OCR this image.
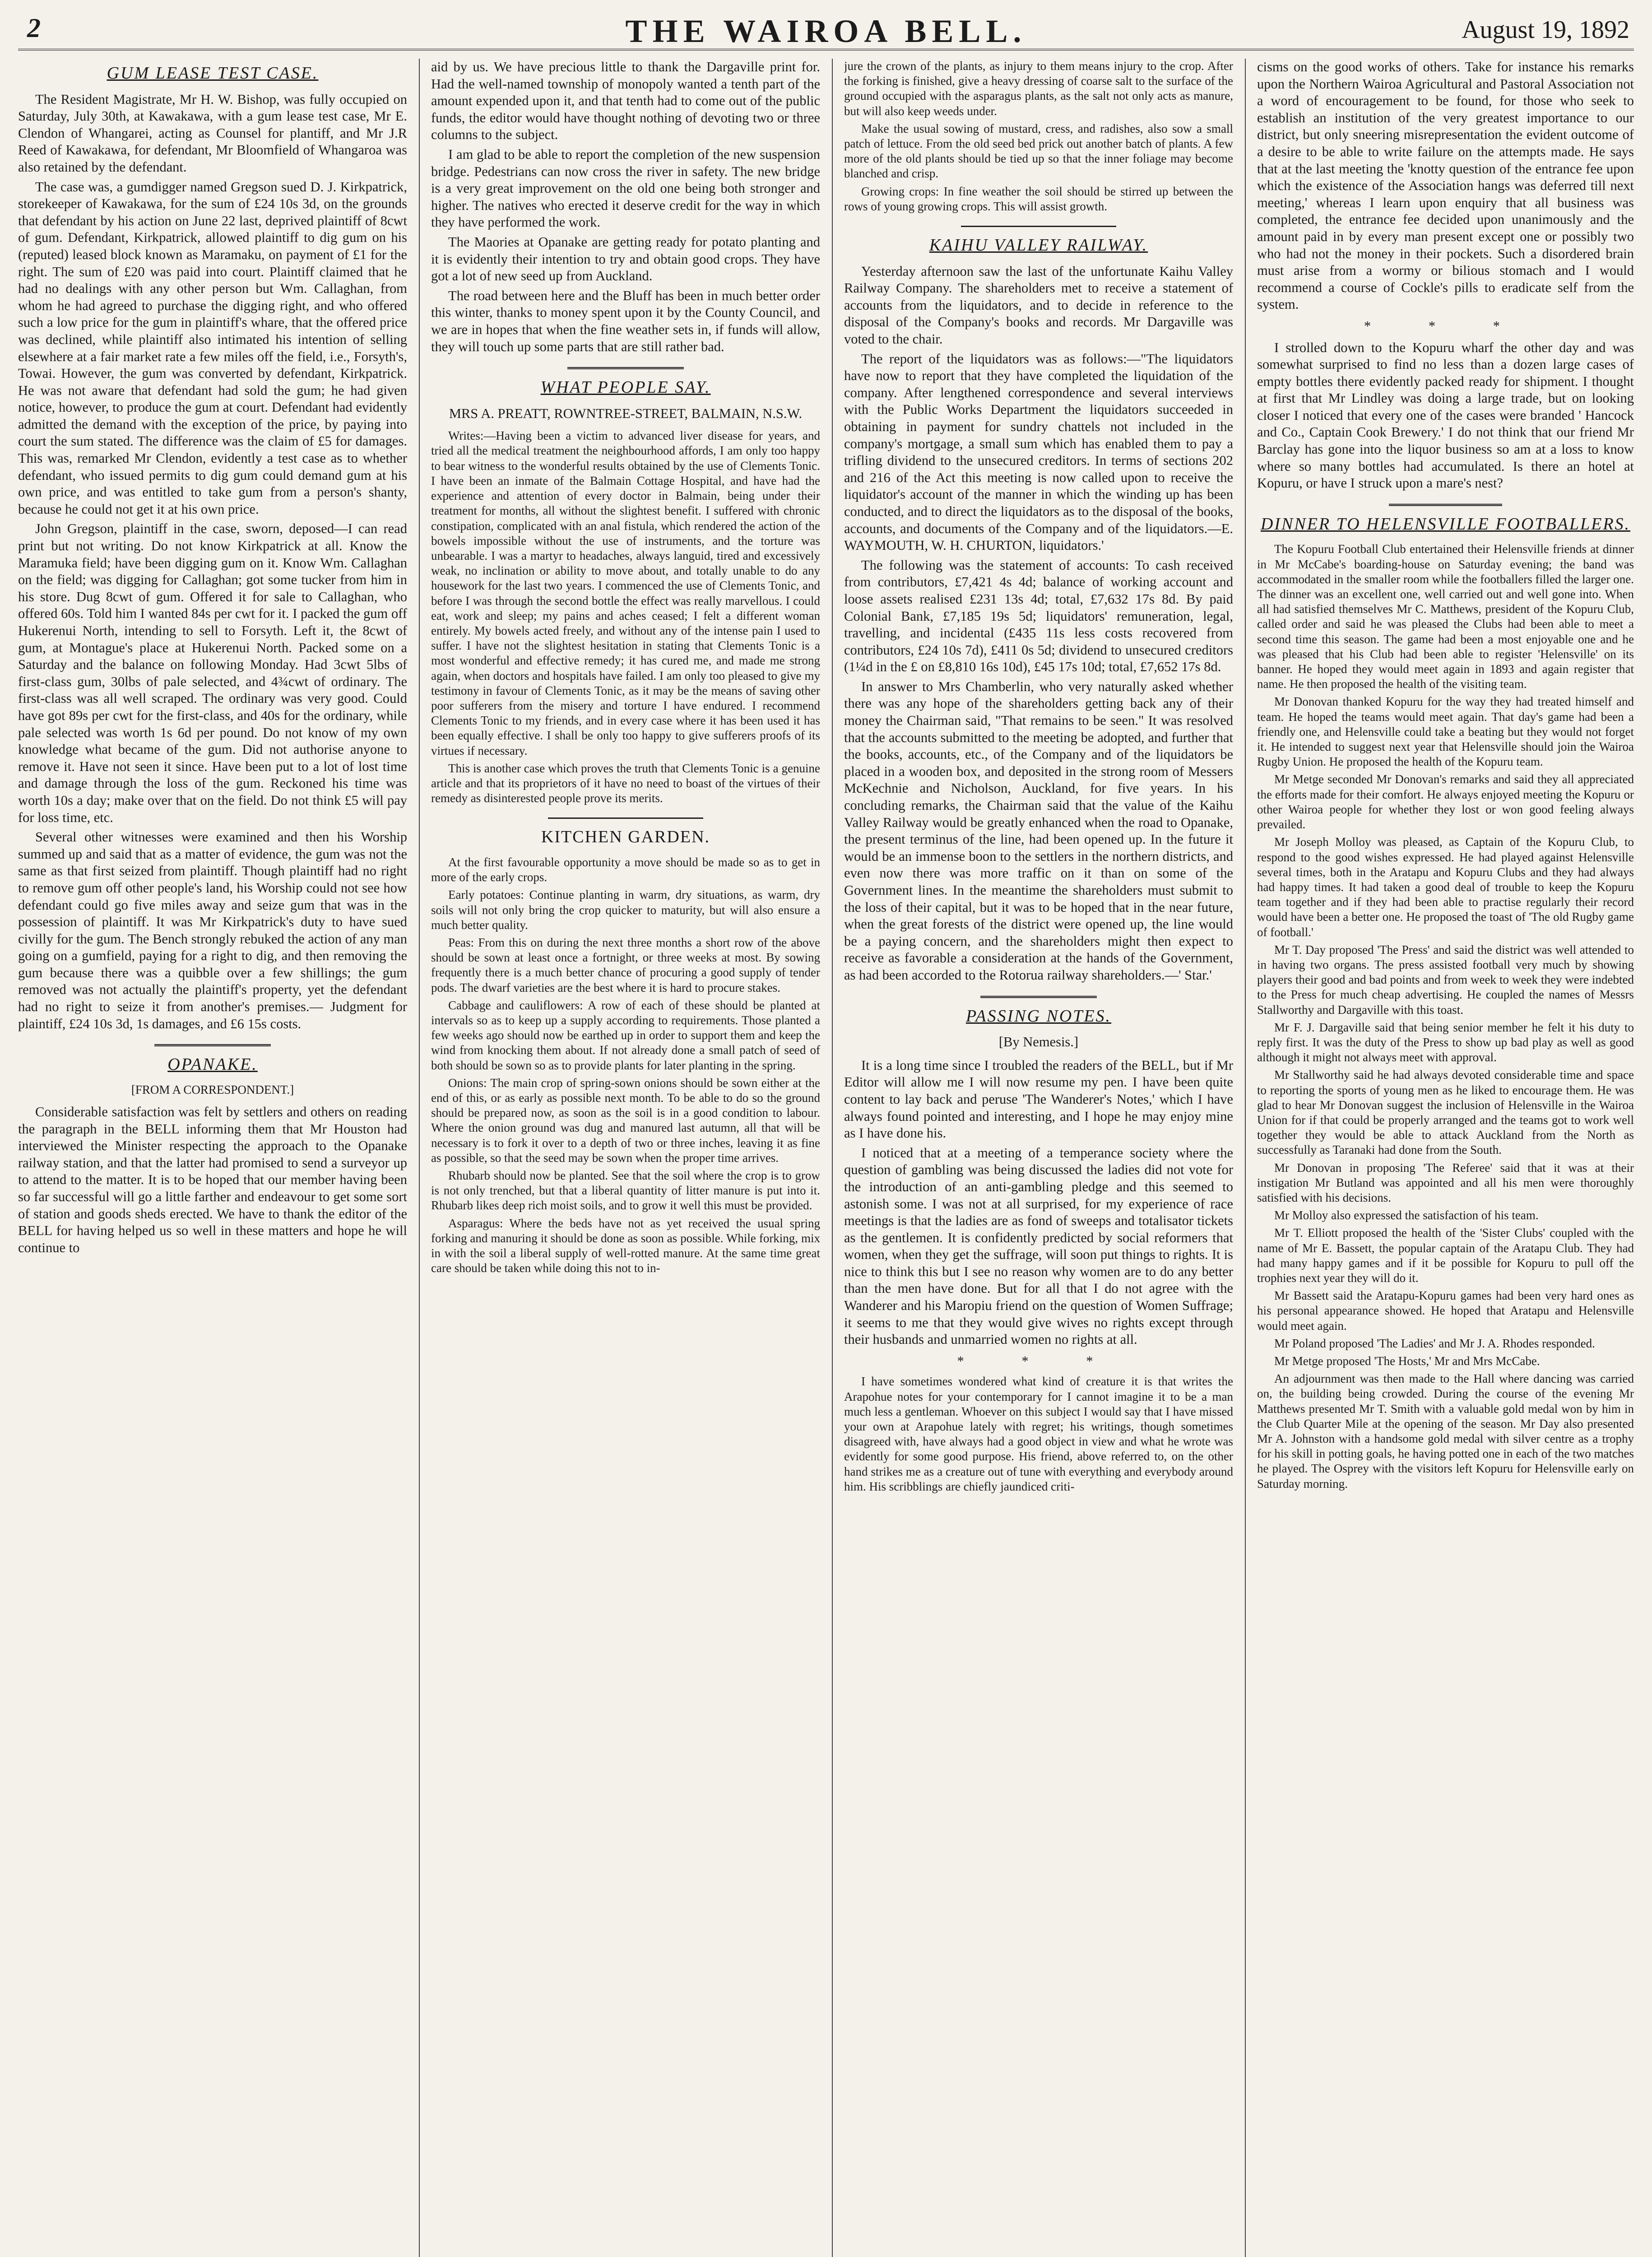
2	THE WAIROA BELL.	August 19, 1892
GUM LEASE TEST CASE.

The Resident Magistrate, Mr H. W. Bishop, was fully occupied on Saturday, July 30th, at Kawakawa, with a gum lease test case, Mr E. Clendon of Whangarei, acting as Counsel for plantiff, and Mr J.R Reed of Kawakawa, for defendant, Mr Bloomfield of Whangaroa was also retained by the defendant.

The case was, a gumdigger named Gregson sued D. J. Kirkpatrick, storekeeper of Kawakawa, for the sum of £24 10s 3d, on the grounds that defendant by his action on June 22 last, deprived plaintiff of 8cwt of gum. Defendant, Kirkpatrick, allowed plaintiff to dig gum on his (reputed) leased block known as Maramaku, on payment of £1 for the right. The sum of £20 was paid into court. Plaintiff claimed that he had no dealings with any other person but Wm. Callaghan, from whom he had agreed to purchase the digging right, and who offered such a low price for the gum in plaintiff's whare, that the offered price was declined, while plaintiff also intimated his intention of selling elsewhere at a fair market rate a few miles off the field, i.e., Forsyth's, Towai. However, the gum was converted by defendant, Kirkpatrick. He was not aware that defendant had sold the gum; he had given notice, however, to produce the gum at court. Defendant had evidently admitted the demand with the exception of the price, by paying into court the sum stated. The difference was the claim of £5 for damages. This was, remarked Mr Clendon, evidently a test case as to whether defendant, who issued permits to dig gum could demand gum at his own price, and was entitled to take gum from a person's shanty, because he could not get it at his own price.

John Gregson, plaintiff in the case, sworn, deposed—I can read print but not writing. Do not know Kirkpatrick at all. Know the Maramuka field; have been digging gum on it. Know Wm. Callaghan on the field; was digging for Callaghan; got some tucker from him in his store. Dug 8cwt of gum. Offered it for sale to Callaghan, who offered 60s. Told him I wanted 84s per cwt for it. I packed the gum off Hukerenui North, intending to sell to Forsyth. Left it, the 8cwt of gum, at Montague's place at Hukerenui North. Packed some on a Saturday and the balance on following Monday. Had 3cwt 5lbs of first-class gum, 30lbs of pale selected, and 4¾cwt of ordinary. The first-class was all well scraped. The ordinary was very good. Could have got 89s per cwt for the first-class, and 40s for the ordinary, while pale selected was worth 1s 6d per pound. Do not know of my own knowledge what became of the gum. Did not authorise anyone to remove it. Have not seen it since. Have been put to a lot of lost time and damage through the loss of the gum. Reckoned his time was worth 10s a day; make over that on the field. Do not think £5 will pay for loss time, etc.

Several other witnesses were examined and then his Worship summed up and said that as a matter of evidence, the gum was not the same as that first seized from plaintiff. Though plaintiff had no right to remove gum off other people's land, his Worship could not see how defendant could go five miles away and seize gum that was in the possession of plaintiff. It was Mr Kirkpatrick's duty to have sued civilly for the gum. The Bench strongly rebuked the action of any man going on a gumfield, paying for a right to dig, and then removing the gum because there was a quibble over a few shillings; the gum removed was not actually the plaintiff's property, yet the defendant had no right to seize it from another's premises.— Judgment for plaintiff, £24 10s 3d, 1s damages, and £6 15s costs.

OPANAKE.

[FROM A CORRESPONDENT.]

Considerable satisfaction was felt by settlers and others on reading the paragraph in the BELL informing them that Mr Houston had interviewed the Minister respecting the approach to the Opanake railway station, and that the latter had promised to send a surveyor up to attend to the matter. It is to be hoped that our member having been so far successful will go a little farther and endeavour to get some sort of station and goods sheds erected. We have to thank the editor of the BELL for having helped us so well in these matters and hope he will continue to

aid by us. We have precious little to thank the Dargaville print for. Had the well-named township of monopoly wanted a tenth part of the amount expended upon it, and that tenth had to come out of the public funds, the editor would have thought nothing of devoting two or three columns to the subject.

I am glad to be able to report the completion of the new suspension bridge. Pedestrians can now cross the river in safety. The new bridge is a very great improvement on the old one being both stronger and higher. The natives who erected it deserve credit for the way in which they have performed the work.

The Maories at Opanake are getting ready for potato planting and it is evidently their intention to try and obtain good crops. They have got a lot of new seed up from Auckland.

The road between here and the Bluff has been in much better order this winter, thanks to money spent upon it by the County Council, and we are in hopes that when the fine weather sets in, if funds will allow, they will touch up some parts that are still rather bad.

WHAT PEOPLE SAY.

MRS A. PREATT, ROWNTREE-STREET, BALMAIN, N.S.W.

Writes:—Having been a victim to advanced liver disease for years, and tried all the medical treatment the neighbourhood affords, I am only too happy to bear witness to the wonderful results obtained by the use of Clements Tonic. I have been an inmate of the Balmain Cottage Hospital, and have had the experience and attention of every doctor in Balmain, being under their treatment for months, all without the slightest benefit. I suffered with chronic constipation, complicated with an anal fistula, which rendered the action of the bowels impossible without the use of instruments, and the torture was unbearable. I was a martyr to headaches, always languid, tired and excessively weak, no inclination or ability to move about, and totally unable to do any housework for the last two years. I commenced the use of Clements Tonic, and before I was through the second bottle the effect was really marvellous. I could eat, work and sleep; my pains and aches ceased; I felt a different woman entirely. My bowels acted freely, and without any of the intense pain I used to suffer. I have not the slightest hesitation in stating that Clements Tonic is a most wonderful and effective remedy; it has cured me, and made me strong again, when doctors and hospitals have failed. I am only too pleased to give my testimony in favour of Clements Tonic, as it may be the means of saving other poor sufferers from the misery and torture I have endured. I recommend Clements Tonic to my friends, and in every case where it has been used it has been equally effective. I shall be only too happy to give sufferers proofs of its virtues if necessary.

This is another case which proves the truth that Clements Tonic is a genuine article and that its proprietors of it have no need to boast of the virtues of their remedy as disinterested people prove its merits.

KITCHEN GARDEN.

At the first favourable opportunity a move should be made so as to get in more of the early crops.

Early potatoes: Continue planting in warm, dry situations, as warm, dry soils will not only bring the crop quicker to maturity, but will also ensure a much better quality.

Peas: From this on during the next three months a short row of the above should be sown at least once a fortnight, or three weeks at most. By sowing frequently there is a much better chance of procuring a good supply of tender pods. The dwarf varieties are the best where it is hard to procure stakes.

Cabbage and cauliflowers: A row of each of these should be planted at intervals so as to keep up a supply according to requirements. Those planted a few weeks ago should now be earthed up in order to support them and keep the wind from knocking them about. If not already done a small patch of seed of both should be sown so as to provide plants for later planting in the spring.

Onions: The main crop of spring-sown onions should be sown either at the end of this, or as early as possible next month. To be able to do so the ground should be prepared now, as soon as the soil is in a good condition to labour. Where the onion ground was dug and manured last autumn, all that will be necessary is to fork it over to a depth of two or three inches, leaving it as fine as possible, so that the seed may be sown when the proper time arrives.

Rhubarb should now be planted. See that the soil where the crop is to grow is not only trenched, but that a liberal quantity of litter manure is put into it. Rhubarb likes deep rich moist soils, and to grow it well this must be provided.

Asparagus: Where the beds have not as yet received the usual spring forking and manuring it should be done as soon as possible. While forking, mix in with the soil a liberal supply of well-rotted manure. At the same time great care should be taken while doing this not to in-

jure the crown of the plants, as injury to them means injury to the crop. After the forking is finished, give a heavy dressing of coarse salt to the surface of the ground occupied with the asparagus plants, as the salt not only acts as manure, but will also keep weeds under.

Make the usual sowing of mustard, cress, and radishes, also sow a small patch of lettuce. From the old seed bed prick out another batch of plants. A few more of the old plants should be tied up so that the inner foliage may become blanched and crisp.

Growing crops: In fine weather the soil should be stirred up between the rows of young growing crops. This will assist growth.

KAIHU VALLEY RAILWAY.

Yesterday afternoon saw the last of the unfortunate Kaihu Valley Railway Company. The shareholders met to receive a statement of accounts from the liquidators, and to decide in reference to the disposal of the Company's books and records. Mr Dargaville was voted to the chair.

The report of the liquidators was as follows:—"The liquidators have now to report that they have completed the liquidation of the company. After lengthened correspondence and several interviews with the Public Works Department the liquidators succeeded in obtaining in payment for sundry chattels not included in the company's mortgage, a small sum which has enabled them to pay a trifling dividend to the unsecured creditors. In terms of sections 202 and 216 of the Act this meeting is now called upon to receive the liquidator's account of the manner in which the winding up has been conducted, and to direct the liquidators as to the disposal of the books, accounts, and documents of the Company and of the liquidators.—E. WAYMOUTH, W. H. CHURTON, liquidators.'

The following was the statement of accounts: To cash received from contributors, £7,421 4s 4d; balance of working account and loose assets realised £231 13s 4d; total, £7,632 17s 8d. By paid Colonial Bank, £7,185 19s 5d; liquidators' remuneration, legal, travelling, and incidental (£435 11s less costs recovered from contributors, £24 10s 7d), £411 0s 5d; dividend to unsecured creditors (1¼d in the £ on £8,810 16s 10d), £45 17s 10d; total, £7,652 17s 8d.

In answer to Mrs Chamberlin, who very naturally asked whether there was any hope of the shareholders getting back any of their money the Chairman said, "That remains to be seen." It was resolved that the accounts submitted to the meeting be adopted, and further that the books, accounts, etc., of the Company and of the liquidators be placed in a wooden box, and deposited in the strong room of Messers McKechnie and Nicholson, Auckland, for five years. In his concluding remarks, the Chairman said that the value of the Kaihu Valley Railway would be greatly enhanced when the road to Opanake, the present terminus of the line, had been opened up. In the future it would be an immense boon to the settlers in the northern districts, and even now there was more traffic on it than on some of the Government lines. In the meantime the shareholders must submit to the loss of their capital, but it was to be hoped that in the near future, when the great forests of the district were opened up, the line would be a paying concern, and the shareholders might then expect to receive as favorable a consideration at the hands of the Government, as had been accorded to the Rotorua railway shareholders.—' Star.'

PASSING NOTES.

[By Nemesis.]

It is a long time since I troubled the readers of the BELL, but if Mr Editor will allow me I will now resume my pen. I have been quite content to lay back and peruse 'The Wanderer's Notes,' which I have always found pointed and interesting, and I hope he may enjoy mine as I have done his.

I noticed that at a meeting of a temperance society where the question of gambling was being discussed the ladies did not vote for the introduction of an anti-gambling pledge and this seemed to astonish some. I was not at all surprised, for my experience of race meetings is that the ladies are as fond of sweeps and totalisator tickets as the gentlemen. It is confidently predicted by social reformers that women, when they get the suffrage, will soon put things to rights. It is nice to think this but I see no reason why women are to do any better than the men have done. But for all that I do not agree with the Wanderer and his Maropiu friend on the question of Women Suffrage; it seems to me that they would give wives no rights except through their husbands and unmarried women no rights at all.

* * *

I have sometimes wondered what kind of creature it is that writes the Arapohue notes for your contemporary for I cannot imagine it to be a man much less a gentleman. Whoever on this subject I would say that I have missed your own at Arapohue lately with regret; his writings, though sometimes disagreed with, have always had a good object in view and what he wrote was evidently for some good purpose. His friend, above referred to, on the other hand strikes me as a creature out of tune with everything and everybody around him. His scribblings are chiefly jaundiced criti-

cisms on the good works of others. Take for instance his remarks upon the Northern Wairoa Agricultural and Pastoral Association not a word of encouragement to be found, for those who seek to establish an institution of the very greatest importance to our district, but only sneering misrepresentation the evident outcome of a desire to be able to write failure on the attempts made. He says that at the last meeting the 'knotty question of the entrance fee upon which the existence of the Association hangs was deferred till next meeting,' whereas I learn upon enquiry that all business was completed, the entrance fee decided upon unanimously and the amount paid in by every man present except one or possibly two who had not the money in their pockets. Such a disordered brain must arise from a wormy or bilious stomach and I would recommend a course of Cockle's pills to eradicate self from the system.

* * *

I strolled down to the Kopuru wharf the other day and was somewhat surprised to find no less than a dozen large cases of empty bottles there evidently packed ready for shipment. I thought at first that Mr Lindley was doing a large trade, but on looking closer I noticed that every one of the cases were branded ' Hancock and Co., Captain Cook Brewery.' I do not think that our friend Mr Barclay has gone into the liquor business so am at a loss to know where so many bottles had accumulated. Is there an hotel at Kopuru, or have I struck upon a mare's nest?

DINNER TO HELENSVILLE FOOTBALLERS.

The Kopuru Football Club entertained their Helensville friends at dinner in Mr McCabe's boarding-house on Saturday evening; the band was accommodated in the smaller room while the footballers filled the larger one. The dinner was an excellent one, well carried out and well gone into. When all had satisfied themselves Mr C. Matthews, president of the Kopuru Club, called order and said he was pleased the Clubs had been able to meet a second time this season. The game had been a most enjoyable one and he was pleased that his Club had been able to register 'Helensville' on its banner. He hoped they would meet again in 1893 and again register that name. He then proposed the health of the visiting team.

Mr Donovan thanked Kopuru for the way they had treated himself and team. He hoped the teams would meet again. That day's game had been a friendly one, and Helensville could take a beating but they would not forget it. He intended to suggest next year that Helensville should join the Wairoa Rugby Union. He proposed the health of the Kopuru team.

Mr Metge seconded Mr Donovan's remarks and said they all appreciated the efforts made for their comfort. He always enjoyed meeting the Kopuru or other Wairoa people for whether they lost or won good feeling always prevailed.

Mr Joseph Molloy was pleased, as Captain of the Kopuru Club, to respond to the good wishes expressed. He had played against Helensville several times, both in the Aratapu and Kopuru Clubs and they had always had happy times. It had taken a good deal of trouble to keep the Kopuru team together and if they had been able to practise regularly their record would have been a better one. He proposed the toast of 'The old Rugby game of football.'

Mr T. Day proposed 'The Press' and said the district was well attended to in having two organs. The press assisted football very much by showing players their good and bad points and from week to week they were indebted to the Press for much cheap advertising. He coupled the names of Messrs Stallworthy and Dargaville with this toast.

Mr F. J. Dargaville said that being senior member he felt it his duty to reply first. It was the duty of the Press to show up bad play as well as good although it might not always meet with approval.

Mr Stallworthy said he had always devoted considerable time and space to reporting the sports of young men as he liked to encourage them. He was glad to hear Mr Donovan suggest the inclusion of Helensville in the Wairoa Union for if that could be properly arranged and the teams got to work well together they would be able to attack Auckland from the North as successfully as Taranaki had done from the South.

Mr Donovan in proposing 'The Referee' said that it was at their instigation Mr Butland was appointed and all his men were thoroughly satisfied with his decisions.

Mr Molloy also expressed the satisfaction of his team.

Mr T. Elliott proposed the health of the 'Sister Clubs' coupled with the name of Mr E. Bassett, the popular captain of the Aratapu Club. They had had many happy games and if it be possible for Kopuru to pull off the trophies next year they will do it.

Mr Bassett said the Aratapu-Kopuru games had been very hard ones as his personal appearance showed. He hoped that Aratapu and Helensville would meet again.

Mr Poland proposed 'The Ladies' and Mr J. A. Rhodes responded.

Mr Metge proposed 'The Hosts,' Mr and Mrs McCabe.

An adjournment was then made to the Hall where dancing was carried on, the building being crowded. During the course of the evening Mr Matthews presented Mr T. Smith with a valuable gold medal won by him in the Club Quarter Mile at the opening of the season. Mr Day also presented Mr A. Johnston with a handsome gold medal with silver centre as a trophy for his skill in potting goals, he having potted one in each of the two matches he played. The Osprey with the visitors left Kopuru for Helensville early on Saturday morning.
